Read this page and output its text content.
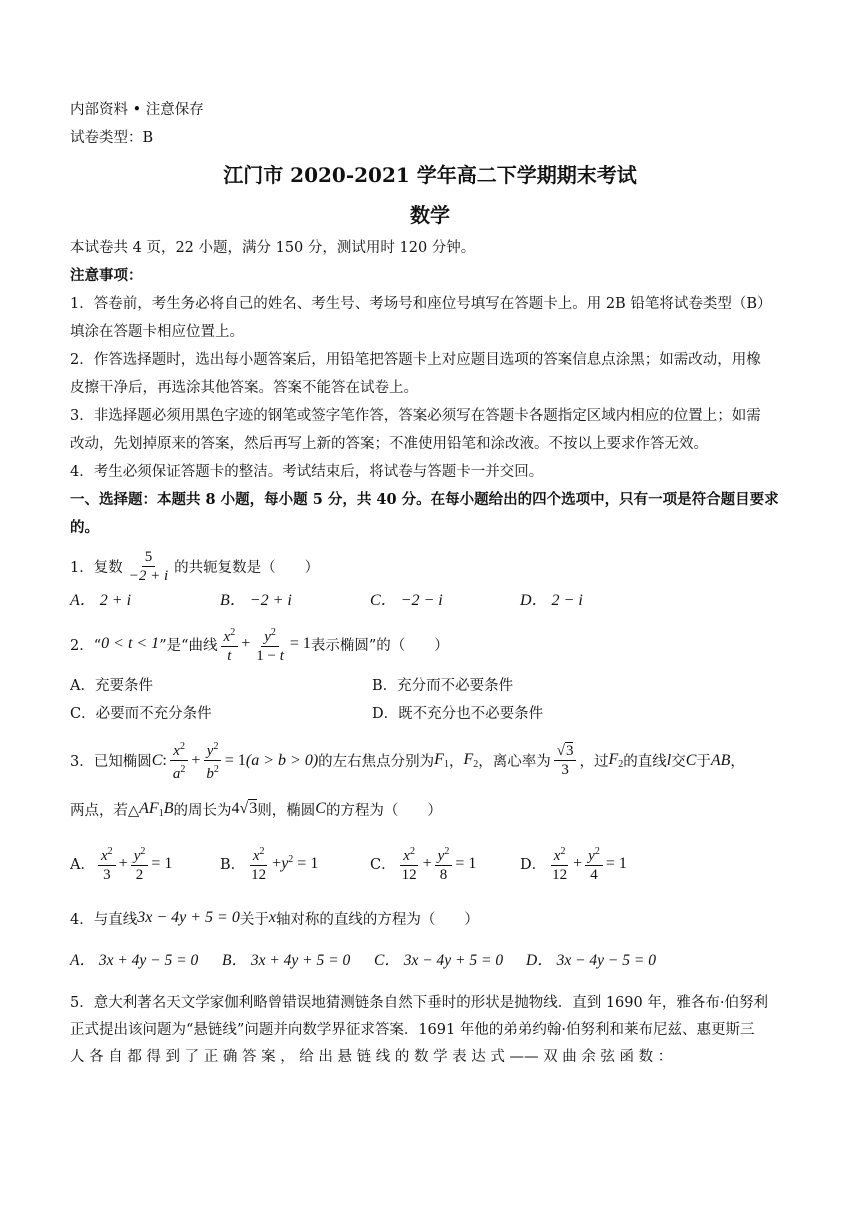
内部资料 • 注意保存
试卷类型：B
江门市 2020-2021 学年高二下学期期末考试
数学
本试卷共 4 页，22 小题，满分 150 分，测试用时 120 分钟。
注意事项：
1．答卷前，考生务必将自己的姓名、考生号、考场号和座位号填写在答题卡上。用 2B 铅笔将试卷类型（B）
填涂在答题卡相应位置上。
2．作答选择题时，选出每小题答案后，用铅笔把答题卡上对应题目选项的答案信息点涂黑；如需改动，用橡
皮擦干净后，再选涂其他答案。答案不能答在试卷上。
3．非选择题必须用黑色字迹的钢笔或签字笔作答，答案必须写在答题卡各题指定区域内相应的位置上；如需
改动，先划掉原来的答案，然后再写上新的答案；不准使用铅笔和涂改液。不按以上要求作答无效。
4．考生必须保证答题卡的整洁。考试结束后，将试卷与答题卡一并交回。
一、选择题：本题共 8 小题，每小题 5 分，共 40 分。在每小题给出的四个选项中，只有一项是符合题目要求
的。
1．复数 $\frac{5}{-2 + i}$ 的共轭复数是（　　）
A． 2 + i	B． −2 + i	C． −2 − i	D． 2 − i
2．“ 0 < t < 1 ”是“曲线 $\frac{x^2}{t} + \frac{y^2}{1 - t} = 1$ 表示椭圆”的（　　）
A．充要条件	B．充分而不必要条件
C．必要而不充分条件	D．既不充分也不必要条件
3．已知椭圆 C : $\frac{x^2}{a^2} + \frac{y^2}{b^2} = 1$ (a > b > 0) 的左右焦点分别为 $F_1$ ， $F_2$ ，离心率为 $\frac{√3}{3}$ ，过 $F_2$ 的直线 l 交 C 于 AB ，
两点，若△ $AF_1B$ 的周长为 4√3 则，椭圆 C 的方程为（　　）
A． $\frac{x^2}{3} + \frac{y^2}{2} = 1$	B． $\frac{x^2}{12} + y^2 = 1$	C． $\frac{x^2}{12} + \frac{y^2}{8} = 1$	D． $\frac{x^2}{12} + \frac{y^2}{4} = 1$
4．与直线 3x − 4y + 5 = 0 关于 x 轴对称的直线的方程为（　　）
A． 3x + 4y − 5 = 0	B． 3x + 4y + 5 = 0	C． 3x − 4y + 5 = 0	D． 3x − 4y − 5 = 0
5．意大利著名天文学家伽利略曾错误地猜测链条自然下垂时的形状是抛物线．直到 1690 年，雅各布·伯努利
正式提出该问题为“悬链线”问题并向数学界征求答案．1691 年他的弟弟约翰·伯努利和莱布尼兹、惠更斯三
人 各 自 都 得 到 了 正 确 答 案 ， 给 出 悬 链 线 的 数 学 表 达 式 —— 双 曲 余 弦 函 数 ：
